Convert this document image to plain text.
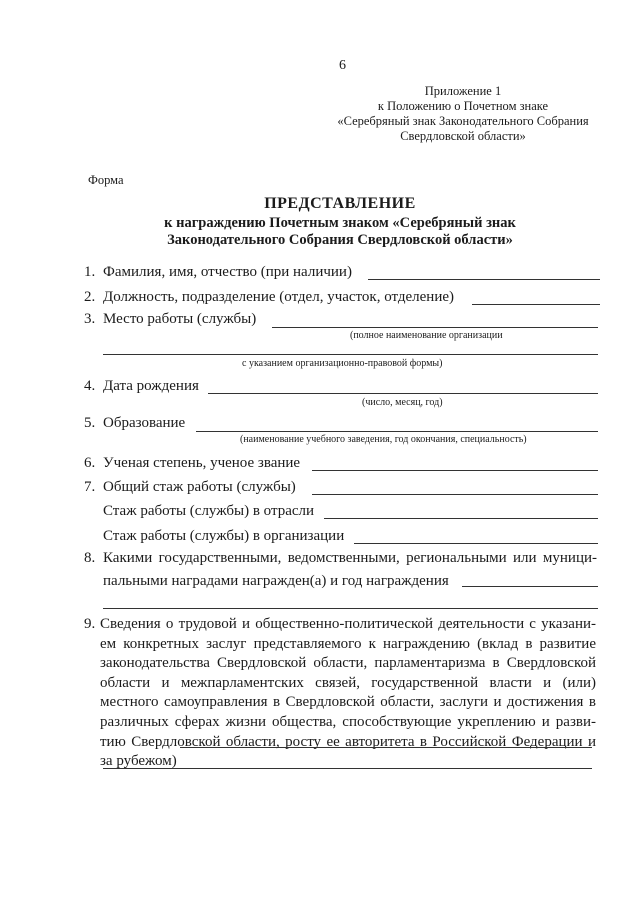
6
Приложение 1
к Положению о Почетном знаке
«Серебряный знак Законодательного Собрания
Свердловской области»
Форма
ПРЕДСТАВЛЕНИЕ
к награждению Почетным знаком «Серебряный знак
Законодательного Собрания Свердловской области»
1. Фамилия, имя, отчество (при наличии)
2. Должность, подразделение (отдел, участок, отделение)
3. Место работы (службы)
(полное наименование организации
с указанием организационно-правовой формы)
4. Дата рождения
(число, месяц, год)
5. Образование
(наименование учебного заведения, год окончания, специальность)
6. Ученая степень, ученое звание
7. Общий стаж работы (службы)
Стаж работы (службы) в отрасли
Стаж работы (службы) в организации
8. Какими государственными, ведомственными, региональными или муници-
пальными наградами награжден(а) и год награждения
9. Сведения о трудовой и общественно-политической деятельности с указани-
ем конкретных заслуг представляемого к награждению (вклад в развитие
законодательства Свердловской области, парламентаризма в Свердловской
области и межпарламентских связей, государственной власти и (или)
местного самоуправления в Свердловской области, заслуги и достижения в
различных сферах жизни общества, способствующие укреплению и разви-
тию Свердловской области, росту ее авторитета в Российской Федерации и
за рубежом)
